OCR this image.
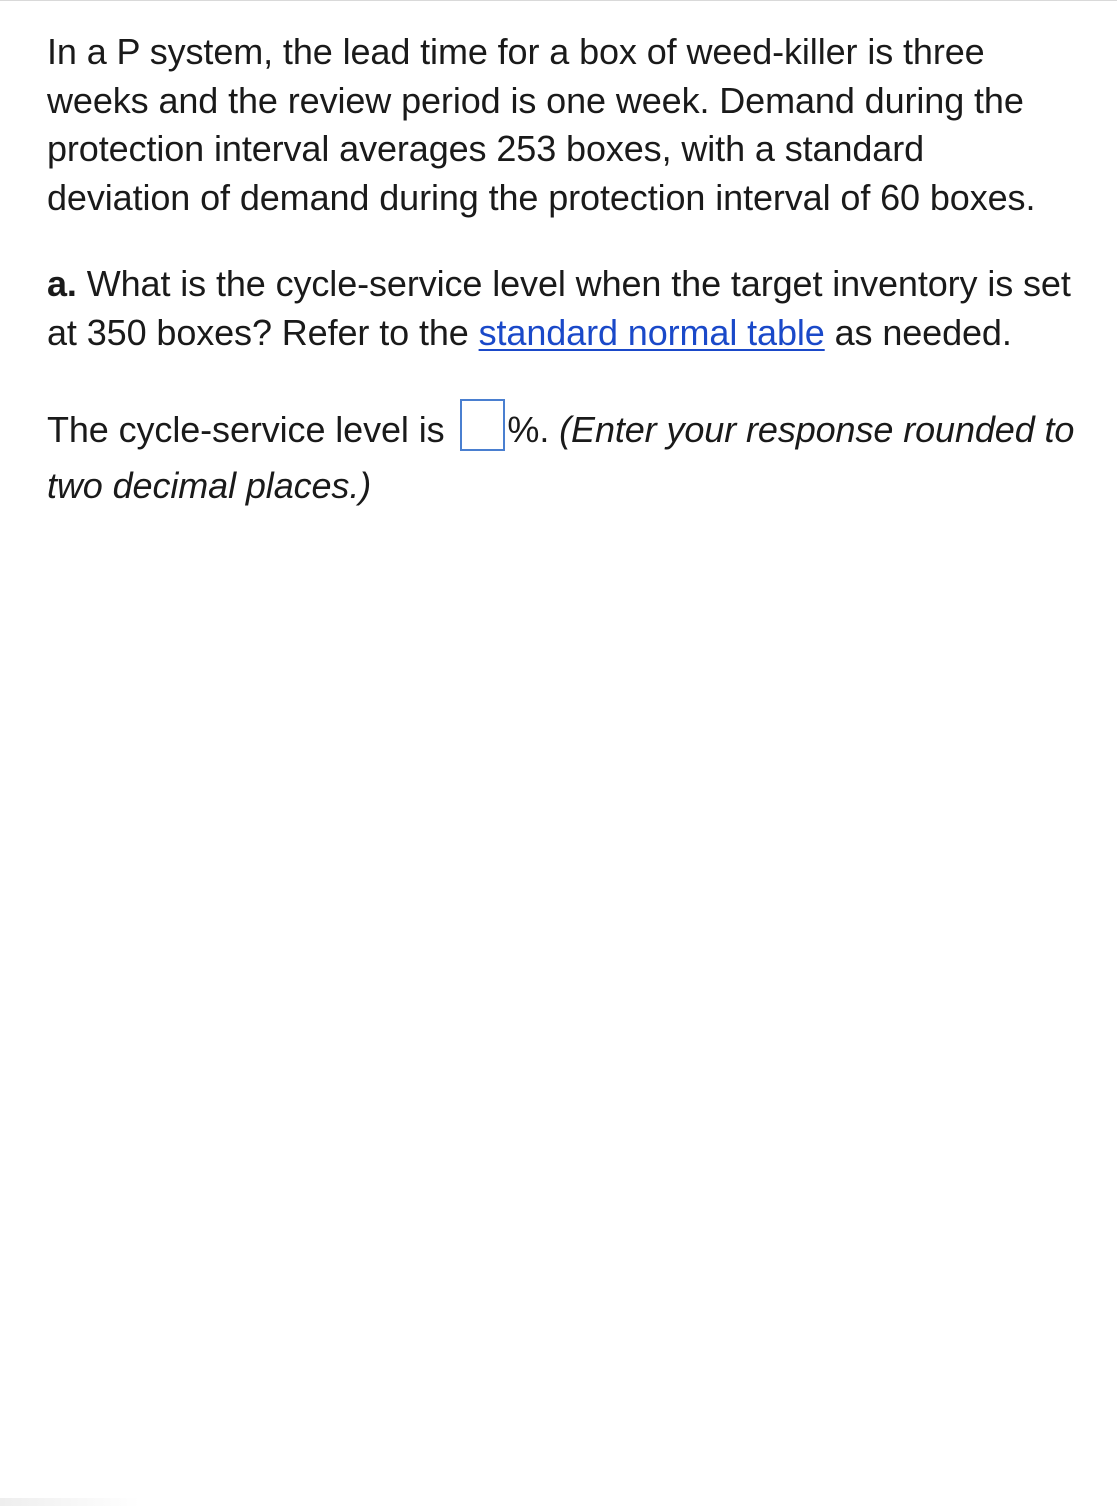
In a P system, the lead time for a box of weed-killer is three weeks and the review period is one week. Demand during the protection interval averages 253 boxes, with a standard deviation of demand during the protection interval of 60 boxes.

a. What is the cycle-service level when the target inventory is set at 350 boxes? Refer to the standard normal table as needed.

The cycle-service level is %. (Enter your response rounded to two decimal places.)
